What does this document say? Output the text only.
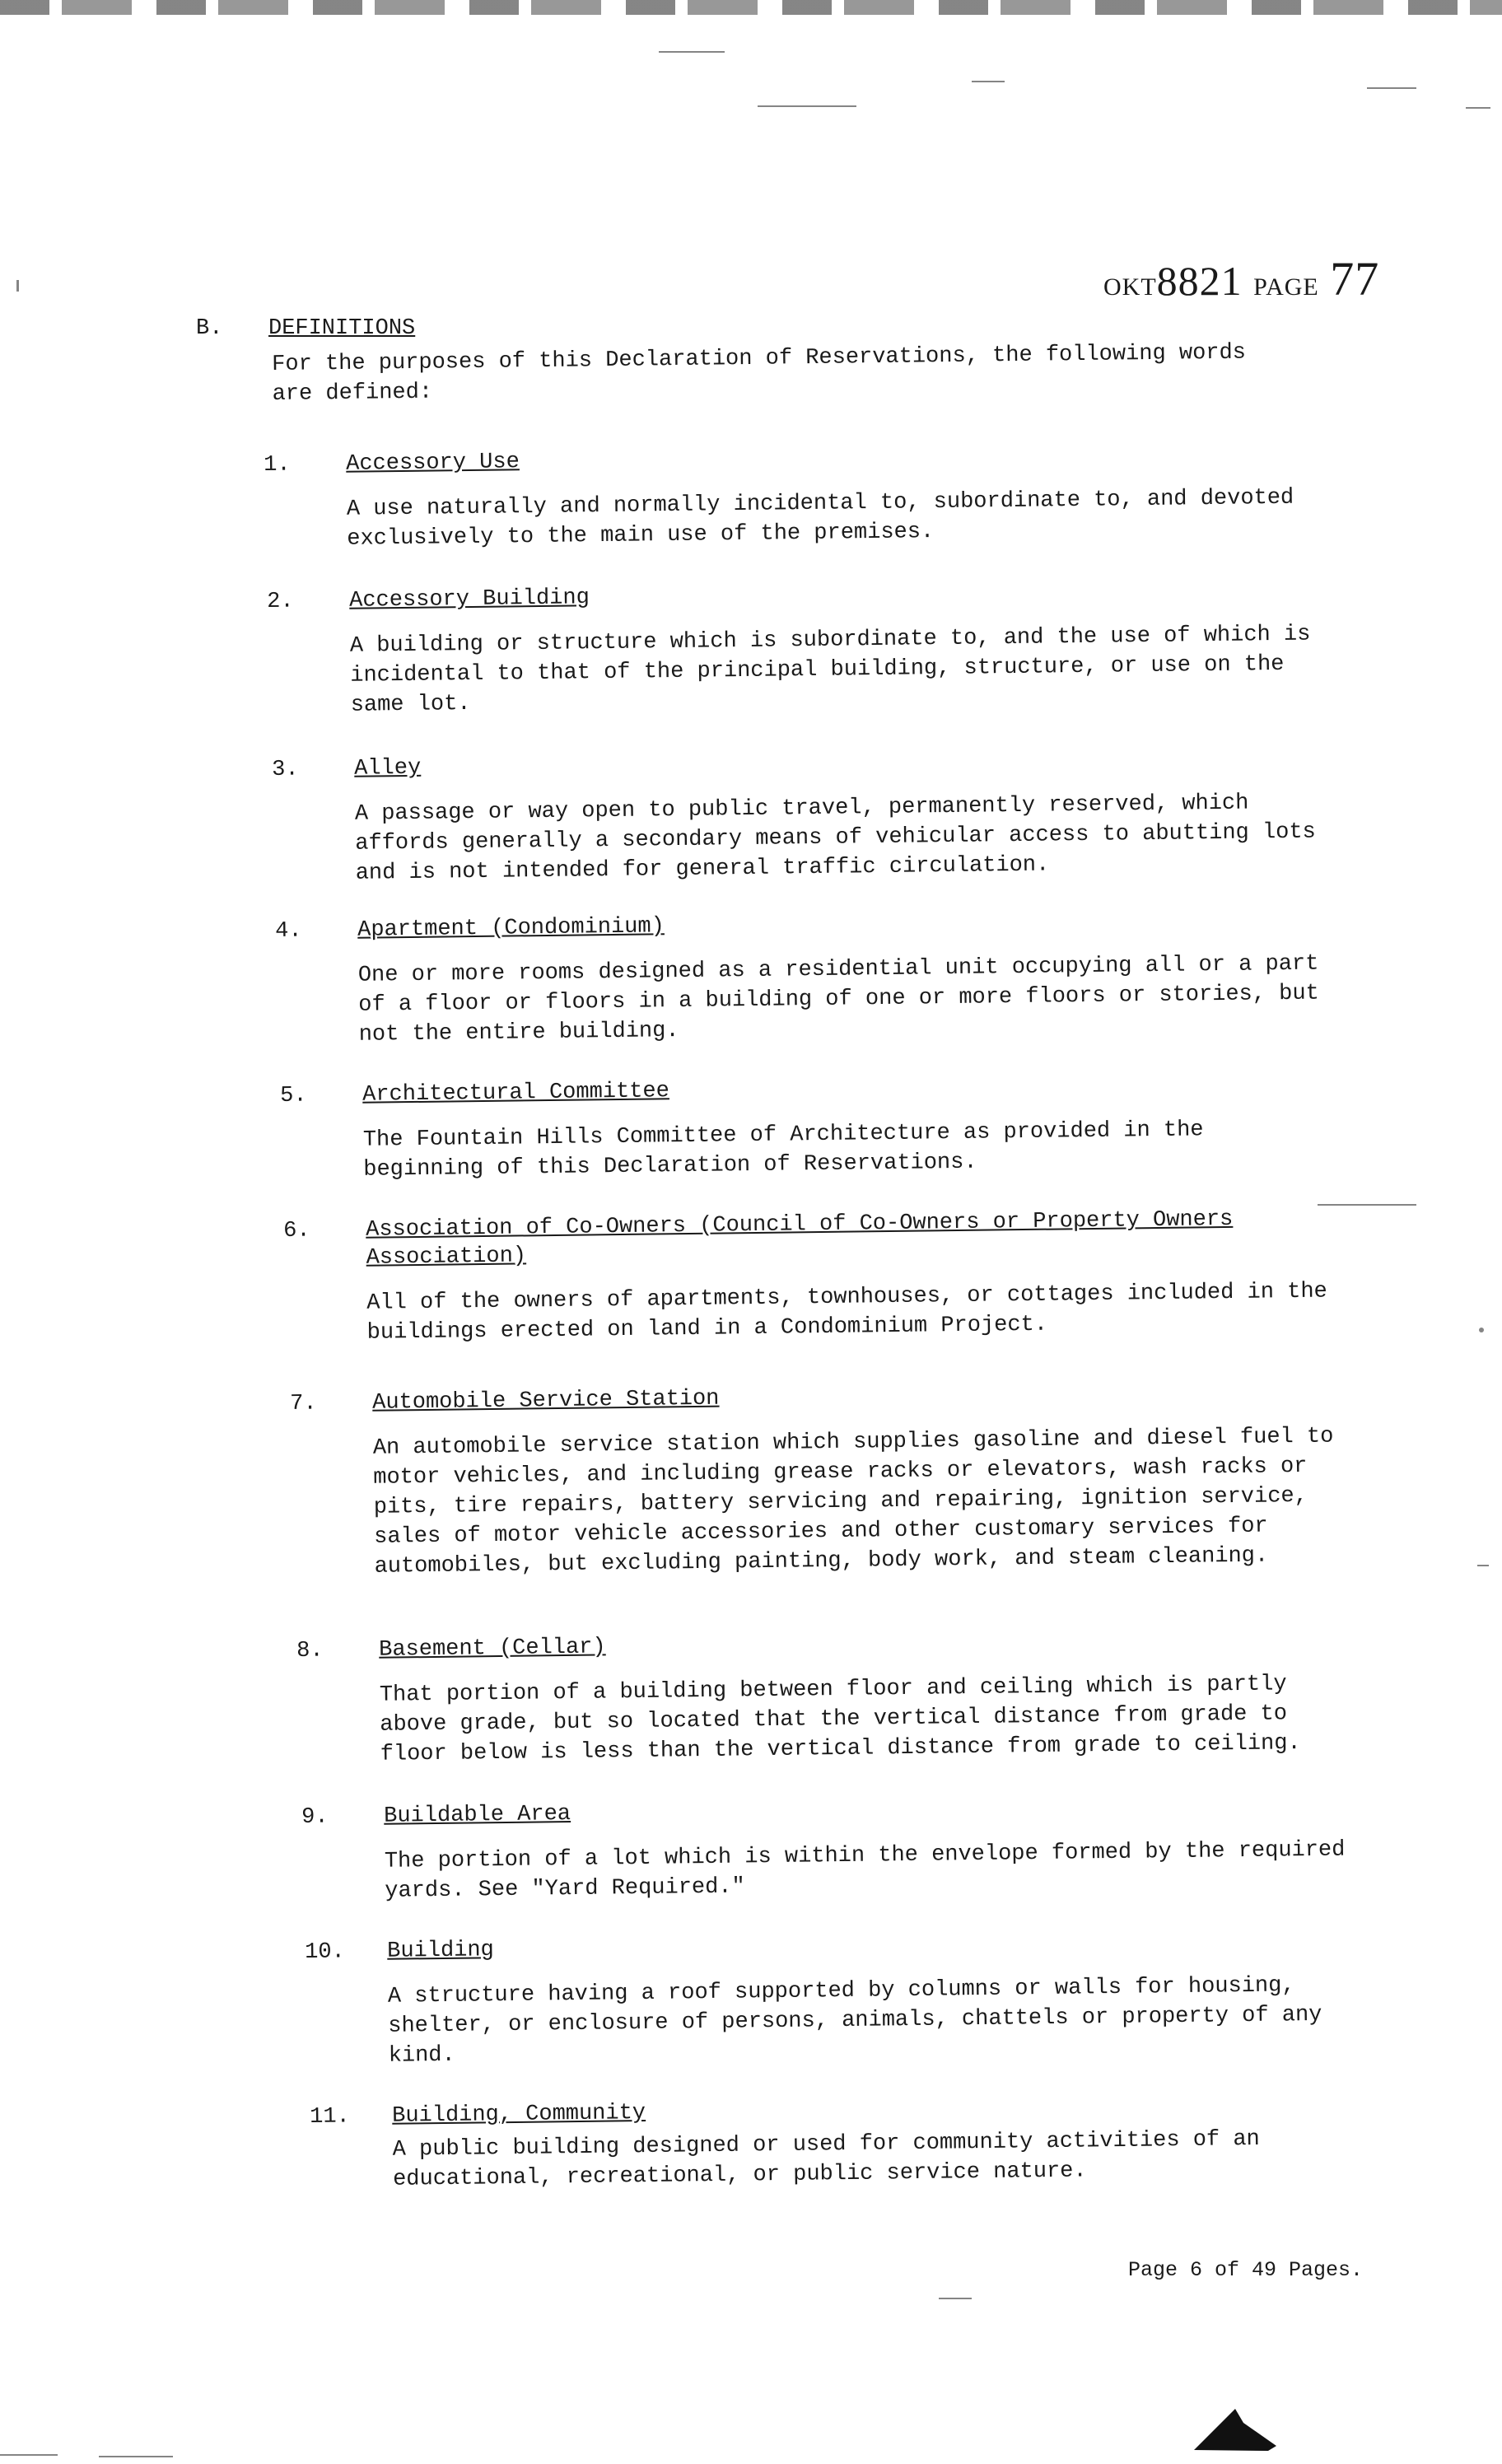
OKT8821 PAGE 77
B. DEFINITIONS
For the purposes of this Declaration of Reservations, the following words are defined:
1. Accessory Use
A use naturally and normally incidental to, subordinate to, and devoted exclusively to the main use of the premises.
2. Accessory Building
A building or structure which is subordinate to, and the use of which is incidental to that of the principal building, structure, or use on the same lot.
3. Alley
A passage or way open to public travel, permanently reserved, which affords generally a secondary means of vehicular access to abutting lots and is not intended for general traffic circulation.
4. Apartment (Condominium)
One or more rooms designed as a residential unit occupying all or a part of a floor or floors in a building of one or more floors or stories, but not the entire building.
5. Architectural Committee
The Fountain Hills Committee of Architecture as provided in the beginning of this Declaration of Reservations.
6. Association of Co-Owners (Council of Co-Owners or Property Owners
Association)
All of the owners of apartments, townhouses, or cottages included in the buildings erected on land in a Condominium Project.
7. Automobile Service Station
An automobile service station which supplies gasoline and diesel fuel to motor vehicles, and including grease racks or elevators, wash racks or pits, tire repairs, battery servicing and repairing, ignition service, sales of motor vehicle accessories and other customary services for automobiles, but excluding painting, body work, and steam cleaning.
8. Basement (Cellar)
That portion of a building between floor and ceiling which is partly above grade, but so located that the vertical distance from grade to floor below is less than the vertical distance from grade to ceiling.
9. Buildable Area
The portion of a lot which is within the envelope formed by the required yards. See "Yard Required."
10. Building
A structure having a roof supported by columns or walls for housing, shelter, or enclosure of persons, animals, chattels or property of any kind.
11. Building, Community
A public building designed or used for community activities of an educational, recreational, or public service nature.
Page 6 of 49 Pages.
